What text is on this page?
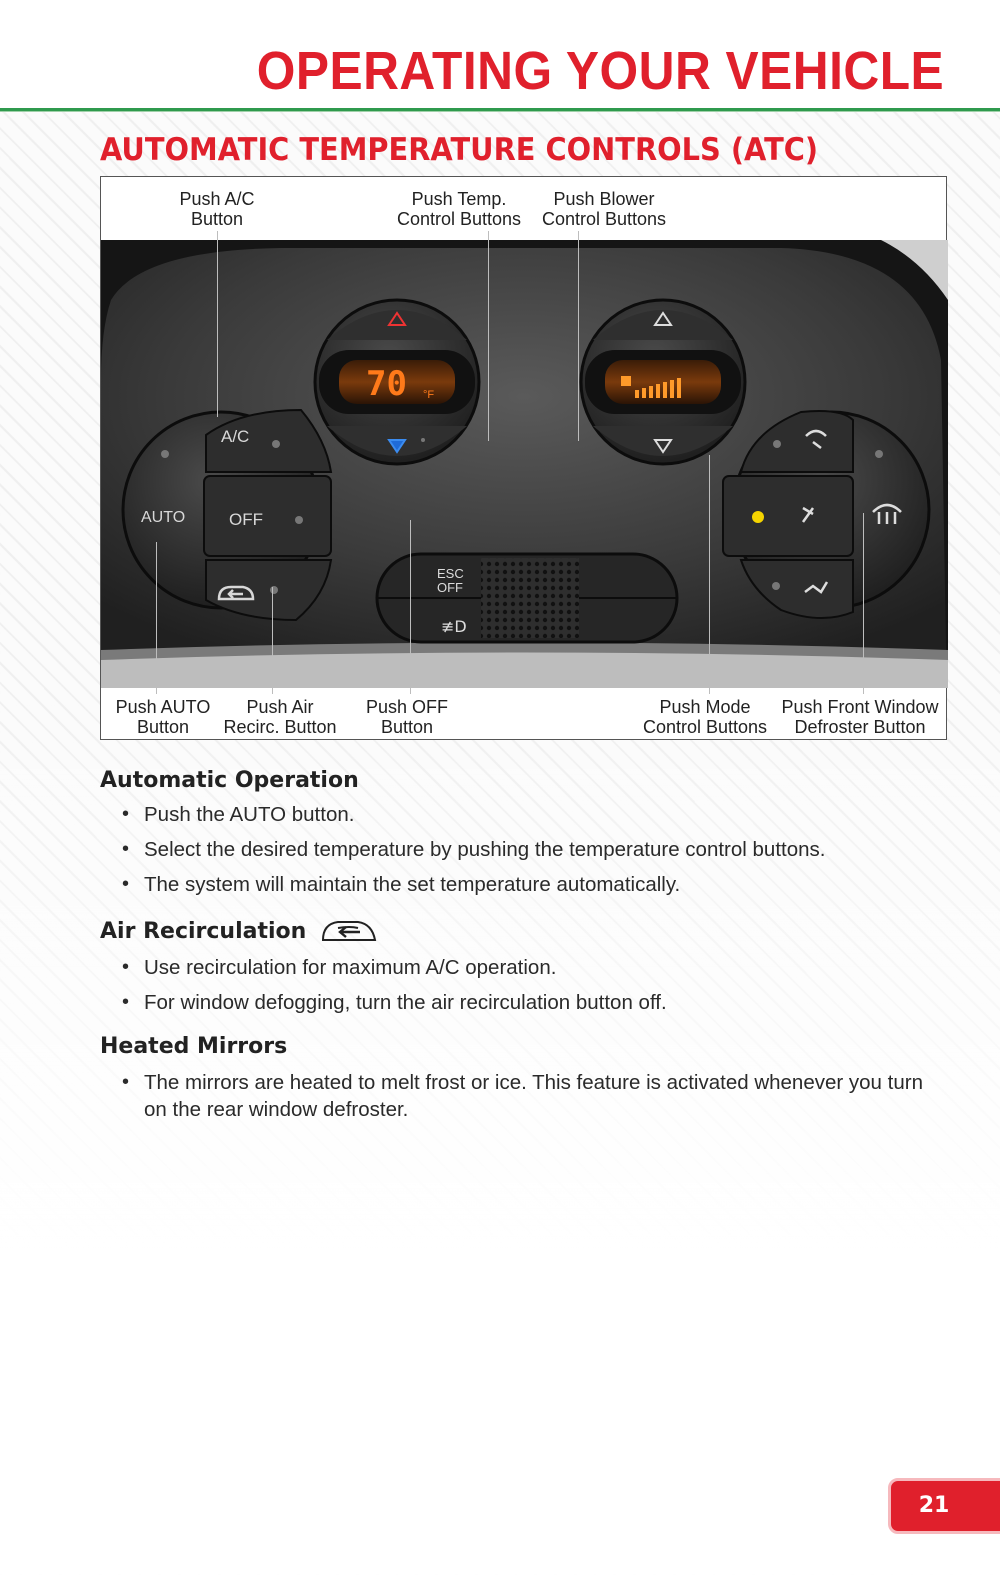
OPERATING YOUR VEHICLE
AUTOMATIC TEMPERATURE CONTROLS (ATC)
Push A/C
Button
Push Temp.
Control Buttons
Push Blower
Control Buttons
A/C
AUTO	OFF
70 °F
ESC
OFF
≢D
Push AUTO
Button
Push Air
Recirc. Button
Push OFF
Button
Push Mode
Control Buttons
Push Front Window
Defroster Button
Automatic Operation
• Push the AUTO button.
• Select the desired temperature by pushing the temperature control buttons.
• The system will maintain the set temperature automatically.
Air Recirculation
• Use recirculation for maximum A/C operation.
• For window defogging, turn the air recirculation button off.
Heated Mirrors
• The mirrors are heated to melt frost or ice. This feature is activated whenever you turn on the rear window defroster.
21
